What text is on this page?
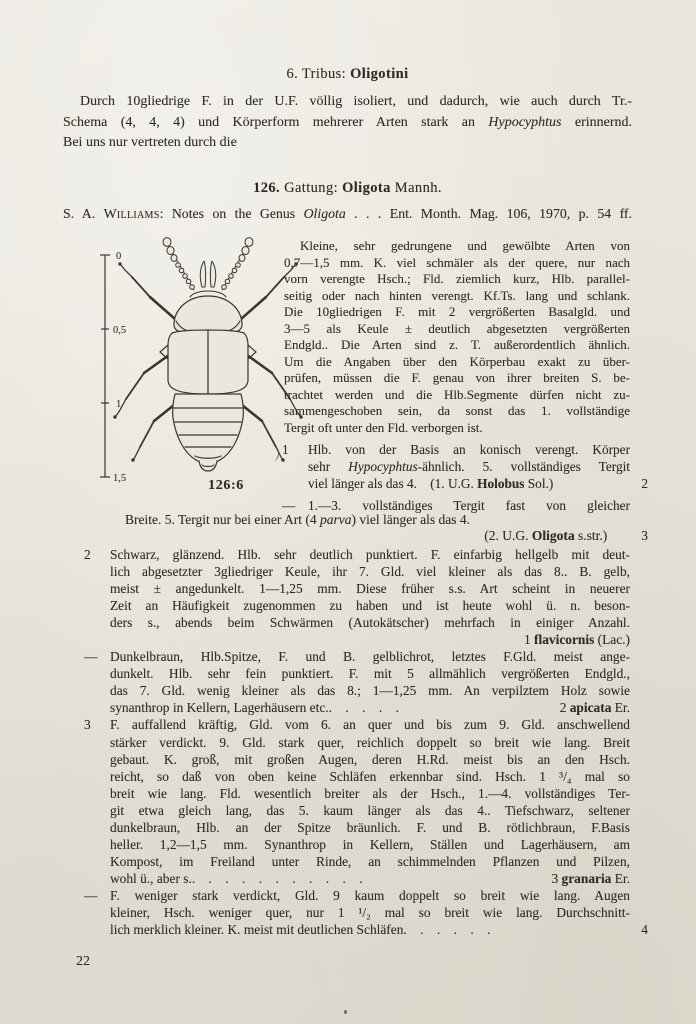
6. Tribus: Oligotini
Durch 10gliedrige F. in der U.F. völlig isoliert, und dadurch, wie auch durch Tr.-
Schema (4, 4, 4) und Körperform mehrerer Arten stark an Hypocyphtus erinnernd.
Bei uns nur vertreten durch die
126. Gattung: Oligota Mannh.
S. A. Williams: Notes on the Genus Oligota . . . Ent. Month. Mag. 106, 1970, p. 54 ff.
0
0,5
1
1,5	126:6
Kleine, sehr gedrungene und gewölbte Arten von
0,7—1,5 mm. K. viel schmäler als der quere, nur nach
vorn verengte Hsch.; Fld. ziemlich kurz, Hlb. parallel-
seitig oder nach hinten verengt. Kf.Ts. lang und schlank.
Die 10gliedrigen F. mit 2 vergrößerten Basalgld. und
3—5 als Keule ± deutlich abgesetzten vergrößerten
Endgld.. Die Arten sind z. T. außerordentlich ähnlich.
Um die Angaben über den Körperbau exakt zu über-
prüfen, müssen die F. genau von ihrer breiten S. be-
trachtet werden und die Hlb.Segmente dürfen nicht zu-
sammengeschoben sein, da sonst das 1. vollständige
Tergit oft unter den Fld. verborgen ist.
1 Hlb. von der Basis an konisch verengt. Körper
sehr Hypocyphtus-ähnlich. 5. vollständiges Tergit
viel länger als das 4.  (1. U.G. Holobus Sol.)	2
— 1.—3. vollständiges Tergit fast von gleicher
Breite. 5. Tergit nur bei einer Art (4 parva) viel länger als das 4.
(2. U.G. Oligota s.str.)	3
2 Schwarz, glänzend. Hlb. sehr deutlich punktiert. F. einfarbig hellgelb mit deut-
lich abgesetzter 3gliedriger Keule, ihr 7. Gld. viel kleiner als das 8.. B. gelb,
meist ± angedunkelt. 1—1,25 mm. Diese früher s.s. Art scheint in neuerer
Zeit an Häufigkeit zugenommen zu haben und ist heute wohl ü. n. beson-
ders s., abends beim Schwärmen (Autokätscher) mehrfach in einiger Anzahl.
1 flavicornis (Lac.)
— Dunkelbraun, Hlb.Spitze, F. und B. gelblichrot, letztes F.Gld. meist ange-
dunkelt. Hlb. sehr fein punktiert. F. mit 5 allmählich vergrößerten Endgld.,
das 7. Gld. wenig kleiner als das 8.; 1—1,25 mm. An verpilztem Holz sowie
synanthrop in Kellern, Lagerhäusern etc.. . . . .	2 apicata Er.
3 F. auffallend kräftig, Gld. vom 6. an quer und bis zum 9. Gld. anschwellend
stärker verdickt. 9. Gld. stark quer, reichlich doppelt so breit wie lang. Breit
gebaut. K. groß, mit großen Augen, deren H.Rd. meist bis an den Hsch.
reicht, so daß von oben keine Schläfen erkennbar sind. Hsch. 1 ³/₄ mal so
breit wie lang. Fld. wesentlich breiter als der Hsch., 1.—4. vollständiges Ter-
git etwa gleich lang, das 5. kaum länger als das 4.. Tiefschwarz, seltener
dunkelbraun, Hlb. an der Spitze bräunlich. F. und B. rötlichbraun, F.Basis
heller. 1,2—1,5 mm. Synanthrop in Kellern, Ställen und Lagerhäusern, am
Kompost, im Freiland unter Rinde, an schimmelnden Pflanzen und Pilzen,
wohl ü., aber s.. . . . . . . . . . .	3 granaria Er.
— F. weniger stark verdickt, Gld. 9 kaum doppelt so breit wie lang. Augen
kleiner, Hsch. weniger quer, nur 1 ¹/₂ mal so breit wie lang. Durchschnitt-
lich merklich kleiner. K. meist mit deutlichen Schläfen. . . . . .	4
22
